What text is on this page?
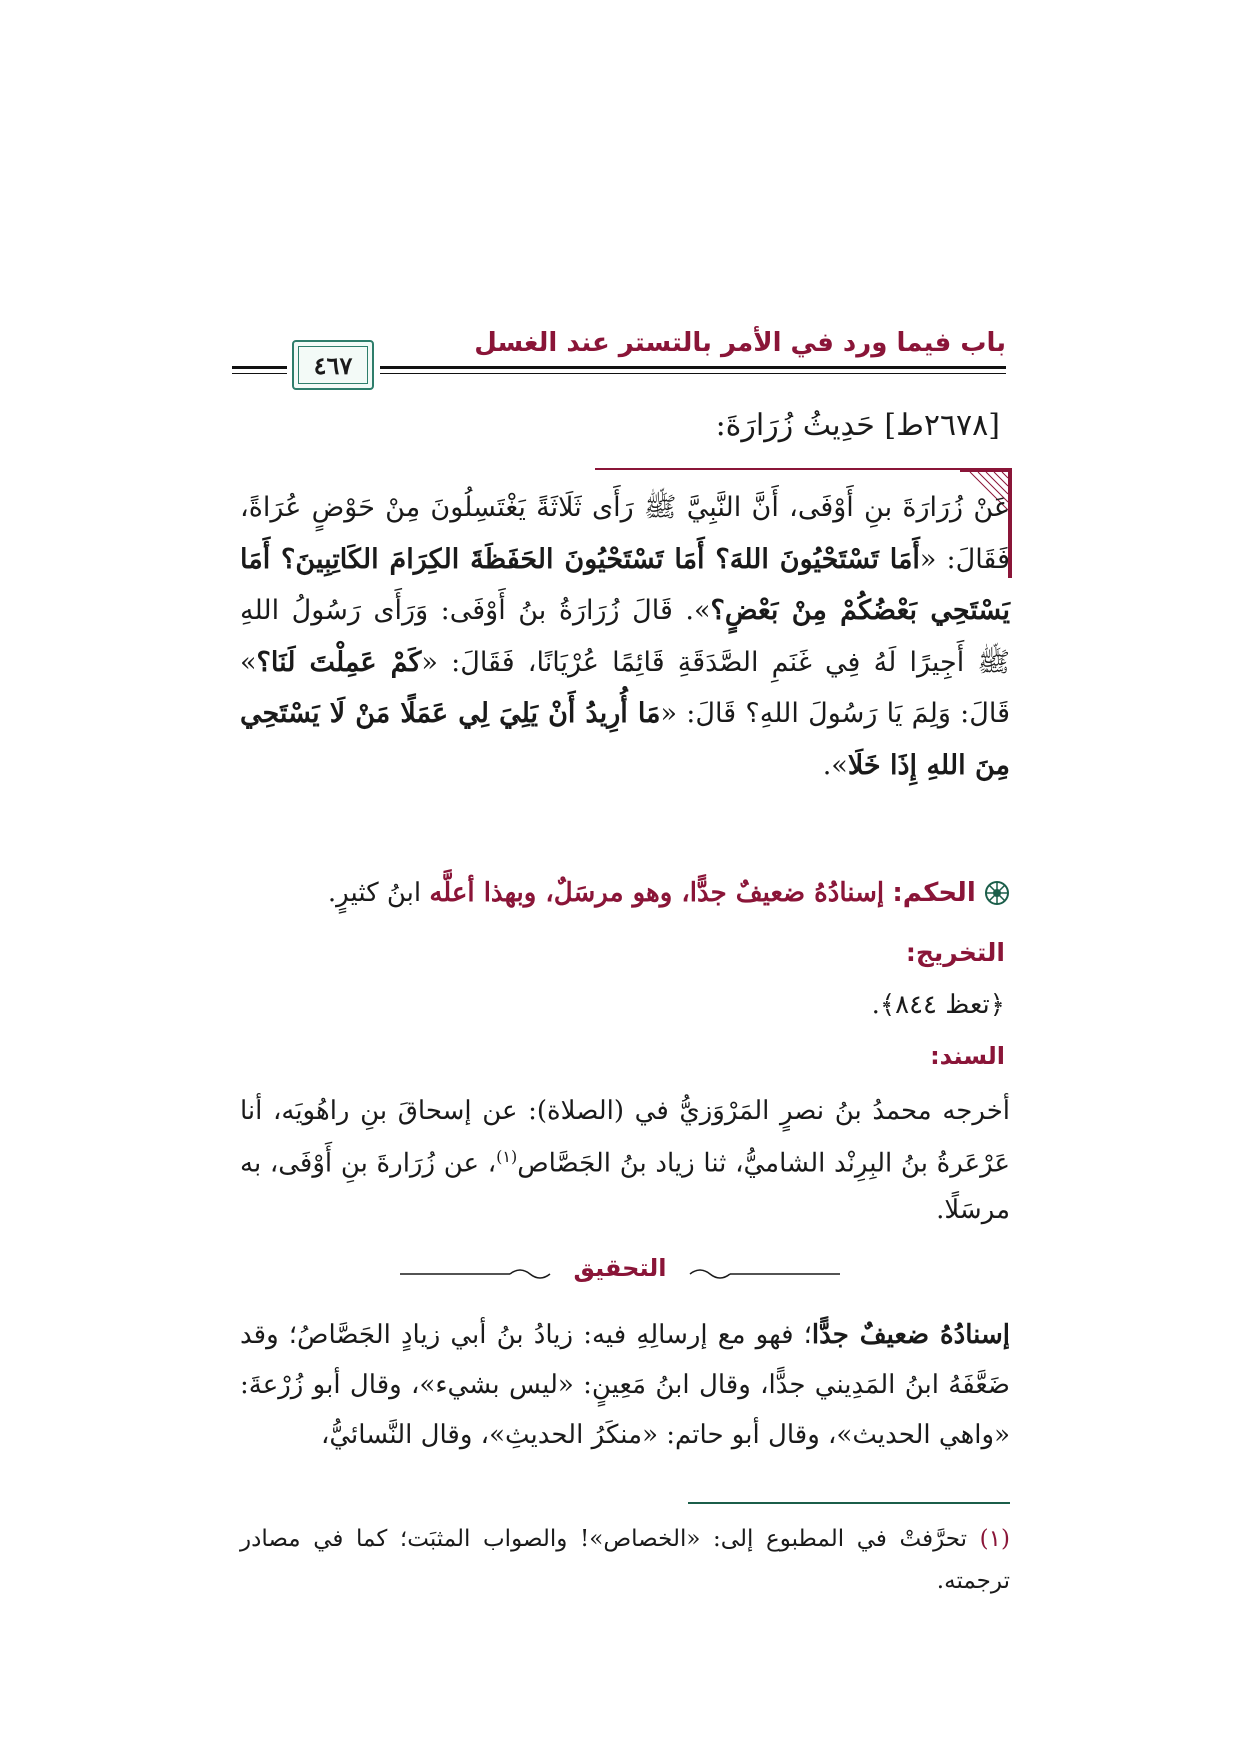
باب فيما ورد في الأمر بالتستر عند الغسل
٤٦٧
[٢٦٧٨ط] حَدِيثُ زُرَارَةَ:
عَنْ زُرَارَةَ بنِ أَوْفَى، أَنَّ النَّبِيَّ ﷺ رَأَى ثَلَاثَةً يَغْتَسِلُونَ مِنْ حَوْضٍ عُرَاةً، فَقَالَ: «أَمَا تَسْتَحْيُونَ اللهَ؟ أَمَا تَسْتَحْيُونَ الحَفَظَةَ الكِرَامَ الكَاتِبِينَ؟ أَمَا يَسْتَحِي بَعْضُكُمْ مِنْ بَعْضٍ؟». قَالَ زُرَارَةُ بنُ أَوْفَى: وَرَأَى رَسُولُ اللهِ ﷺ أَجِيرًا لَهُ فِي غَنَمِ الصَّدَقَةِ قَائِمًا عُرْيَانًا، فَقَالَ: «كَمْ عَمِلْتَ لَنَا؟» قَالَ: وَلِمَ يَا رَسُولَ اللهِ؟ قَالَ: «مَا أُرِيدُ أَنْ يَلِيَ لِي عَمَلًا مَنْ لَا يَسْتَحِي مِنَ اللهِ إِذَا خَلَا».
الحكم: إسنادُهُ ضعيفٌ جدًّا، وهو مرسَلٌ، وبهذا أعلَّه ابنُ كثيرٍ.
التخريج:
﴿تعظ ٨٤٤﴾.
السند:
أخرجه محمدُ بنُ نصرٍ المَرْوَزيُّ في (الصلاة): عن إسحاقَ بنِ راهُويَه، أنا عَرْعَرةُ بنُ البِرِنْد الشاميُّ، ثنا زياد بنُ الجَصَّاص$^{(١)}$، عن زُرَارةَ بنِ أَوْفَى، به مرسَلًا.
التحقيق
إسنادُهُ ضعيفٌ جدًّا؛ فهو مع إرسالِهِ فيه: زيادُ بنُ أبي زيادٍ الجَصَّاصُ؛ وقد ضَعَّفَهُ ابنُ المَدِيني جدًّا، وقال ابنُ مَعِينٍ: «ليس بشيء»، وقال أبو زُرْعةَ: «واهي الحديث»، وقال أبو حاتم: «منكَرُ الحديثِ»، وقال النَّسائيُّ،
(١) تحرَّفتْ في المطبوع إلى: «الخصاص»! والصواب المثبَت؛ كما في مصادر ترجمته.
